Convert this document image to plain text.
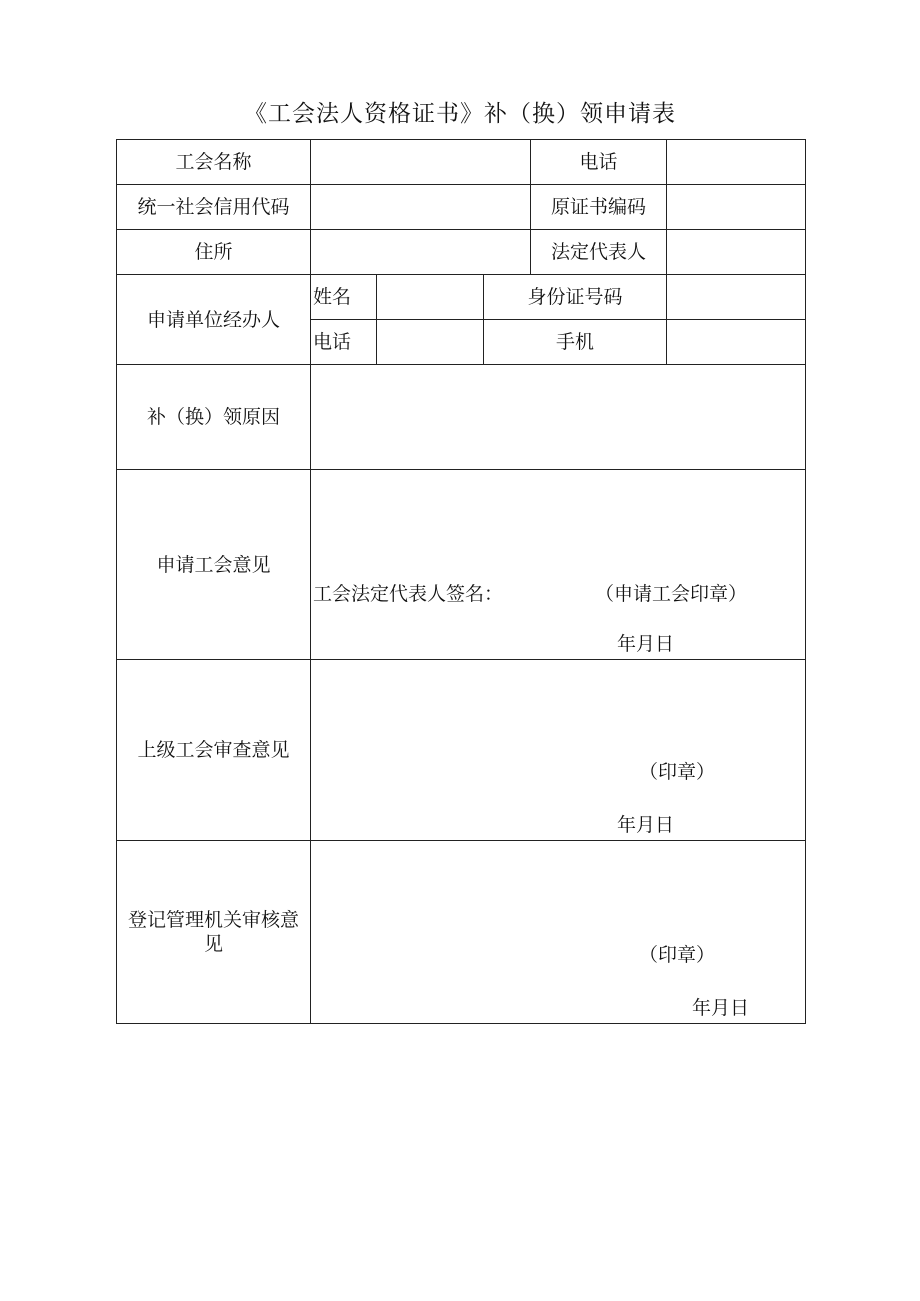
《工会法人资格证书》补（换）领申请表
工会名称				电话	
统一社会信用代码				原证书编码	
住所				法定代表人	
申请单位经办人	姓名		身份证号码		
	电话		手机		
补（换）领原因					
申请工会意见	工会法定代表人签名： （申请工会印章）
年月日				

上级工会审查意见	（印章）
年月日				

登记管理机关审核意见	（印章）
年月日				
